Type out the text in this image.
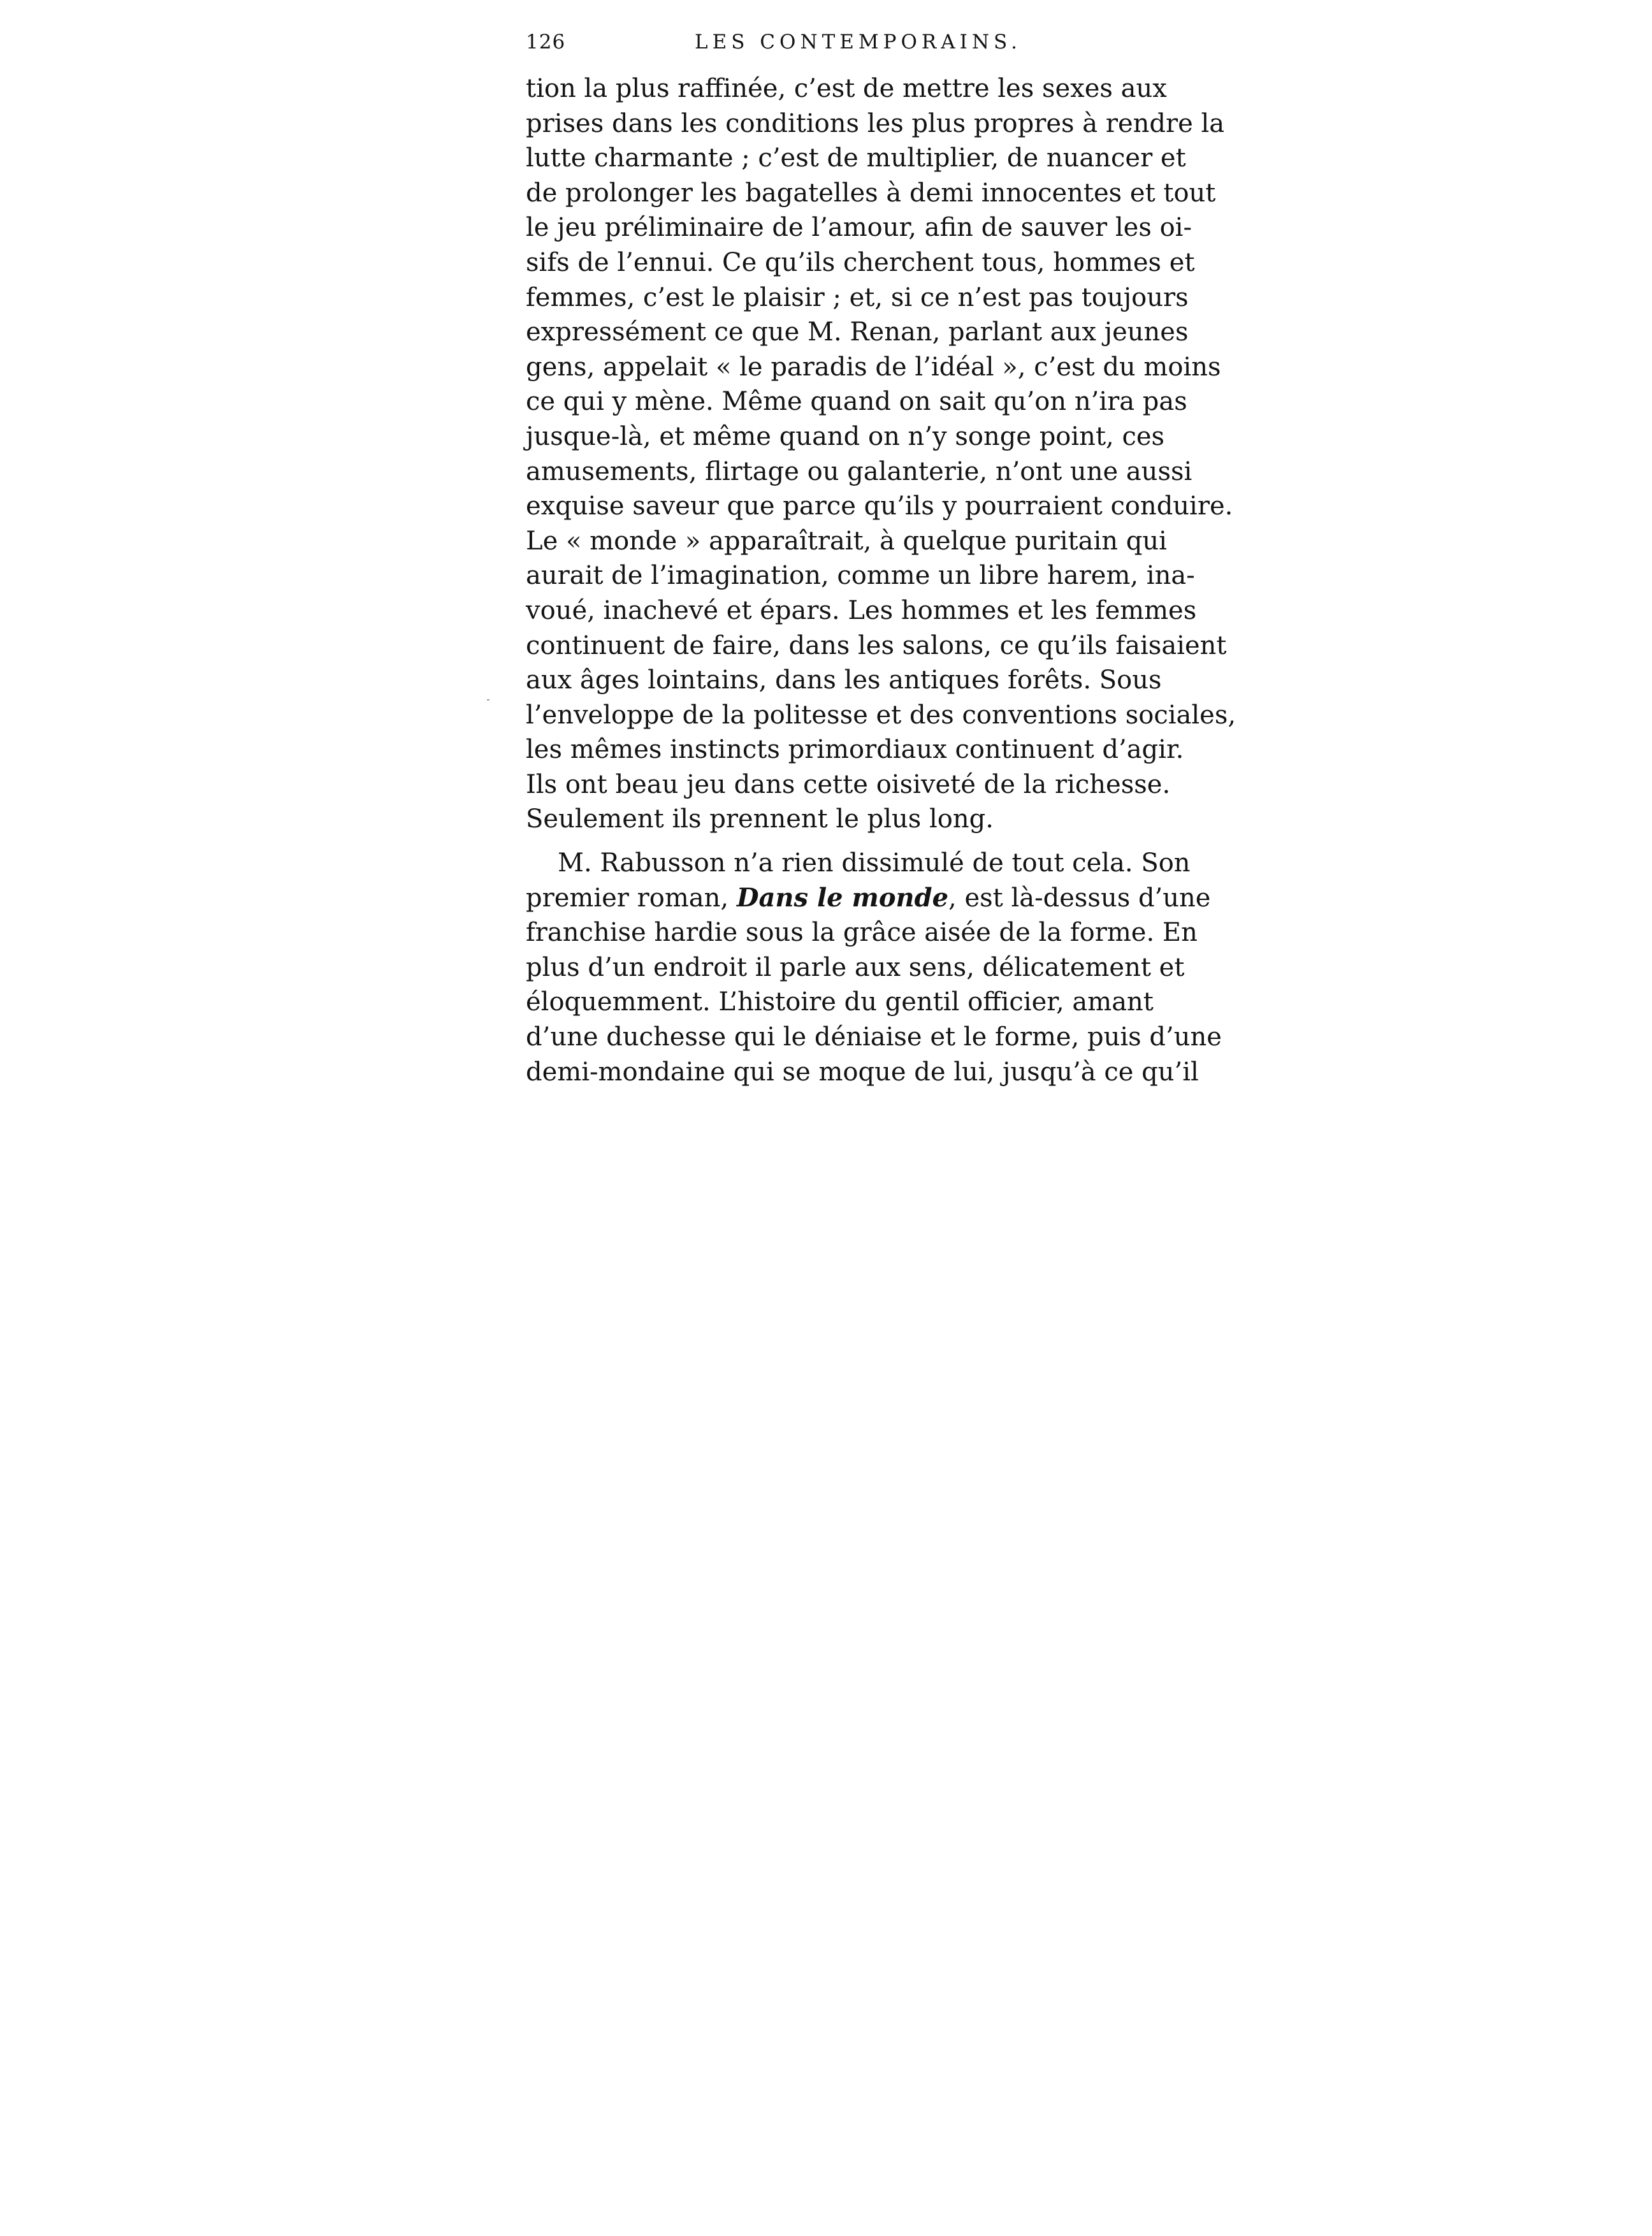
126	LES CONTEMPORAINS.
tion la plus raffinée, c’est de mettre les sexes aux
prises dans les conditions les plus propres à rendre la
lutte charmante ; c’est de multiplier, de nuancer et
de prolonger les bagatelles à demi innocentes et tout
le jeu préliminaire de l’amour, afin de sauver les oi-
sifs de l’ennui. Ce qu’ils cherchent tous, hommes et
femmes, c’est le plaisir ; et, si ce n’est pas toujours
expressément ce que M. Renan, parlant aux jeunes
gens, appelait « le paradis de l’idéal », c’est du moins
ce qui y mène. Même quand on sait qu’on n’ira pas
jusque-là, et même quand on n’y songe point, ces
amusements, flirtage ou galanterie, n’ont une aussi
exquise saveur que parce qu’ils y pourraient conduire.
Le « monde » apparaîtrait, à quelque puritain qui
aurait de l’imagination, comme un libre harem, ina-
voué, inachevé et épars. Les hommes et les femmes
continuent de faire, dans les salons, ce qu’ils faisaient
aux âges lointains, dans les antiques forêts. Sous
l’enveloppe de la politesse et des conventions sociales,
les mêmes instincts primordiaux continuent d’agir.
Ils ont beau jeu dans cette oisiveté de la richesse.
Seulement ils prennent le plus long.
M. Rabusson n’a rien dissimulé de tout cela. Son
premier roman, Dans le monde, est là-dessus d’une
franchise hardie sous la grâce aisée de la forme. En
plus d’un endroit il parle aux sens, délicatement et
éloquemment. L’histoire du gentil officier, amant
d’une duchesse qui le déniaise et le forme, puis d’une
demi-mondaine qui se moque de lui, jusqu’à ce qu’il
